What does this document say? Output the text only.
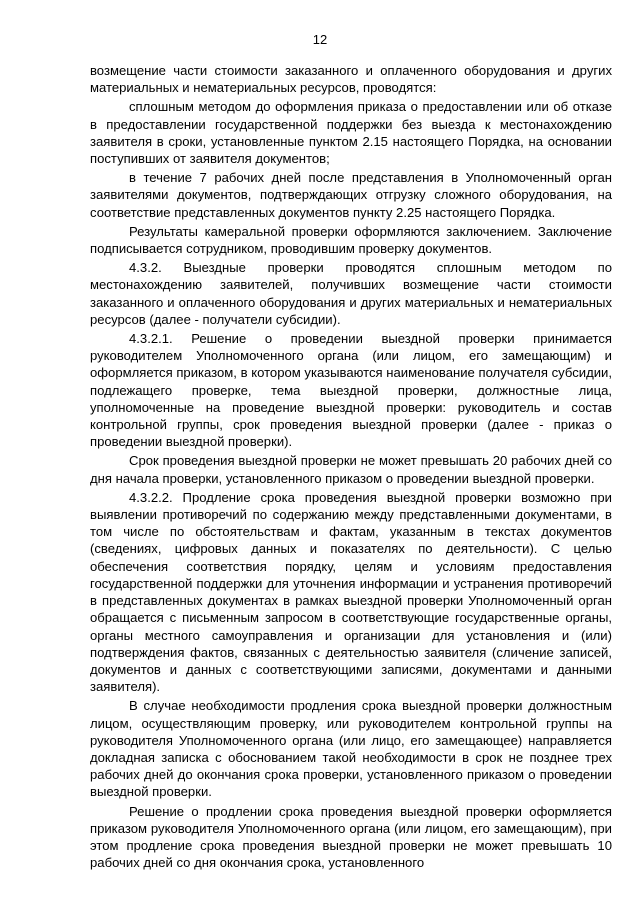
12

возмещение части стоимости заказанного и оплаченного оборудования и других материальных и нематериальных ресурсов, проводятся:

сплошным методом до оформления приказа о предоставлении или об отказе в предоставлении государственной поддержки без выезда к местонахождению заявителя в сроки, установленные пунктом 2.15 настоящего Порядка, на основании поступивших от заявителя документов;

в течение 7 рабочих дней после представления в Уполномоченный орган заявителями документов, подтверждающих отгрузку сложного оборудования, на соответствие представленных документов пункту 2.25 настоящего Порядка.

Результаты камеральной проверки оформляются заключением. Заключение подписывается сотрудником, проводившим проверку документов.

4.3.2. Выездные проверки проводятся сплошным методом по местонахождению заявителей, получивших возмещение части стоимости заказанного и оплаченного оборудования и других материальных и нематериальных ресурсов (далее - получатели субсидии).

4.3.2.1. Решение о проведении выездной проверки принимается руководителем Уполномоченного органа (или лицом, его замещающим) и оформляется приказом, в котором указываются наименование получателя субсидии, подлежащего проверке, тема выездной проверки, должностные лица, уполномоченные на проведение выездной проверки: руководитель и состав контрольной группы, срок проведения выездной проверки (далее - приказ о проведении выездной проверки).

Срок проведения выездной проверки не может превышать 20 рабочих дней со дня начала проверки, установленного приказом о проведении выездной проверки.

4.3.2.2. Продление срока проведения выездной проверки возможно при выявлении противоречий по содержанию между представленными документами, в том числе по обстоятельствам и фактам, указанным в текстах документов (сведениях, цифровых данных и показателях по деятельности). С целью обеспечения соответствия порядку, целям и условиям предоставления государственной поддержки для уточнения информации и устранения противоречий в представленных документах в рамках выездной проверки Уполномоченный орган обращается с письменным запросом в соответствующие государственные органы, органы местного самоуправления и организации для установления и (или) подтверждения фактов, связанных с деятельностью заявителя (сличение записей, документов и данных с соответствующими записями, документами и данными заявителя).

В случае необходимости продления срока выездной проверки должностным лицом, осуществляющим проверку, или руководителем контрольной группы на руководителя Уполномоченного органа (или лицо, его замещающее) направляется докладная записка с обоснованием такой необходимости в срок не позднее трех рабочих дней до окончания срока проверки, установленного приказом о проведении выездной проверки.

Решение о продлении срока проведения выездной проверки оформляется приказом руководителя Уполномоченного органа (или лицом, его замещающим), при этом продление срока проведения выездной проверки не может превышать 10 рабочих дней со дня окончания срока, установленного
